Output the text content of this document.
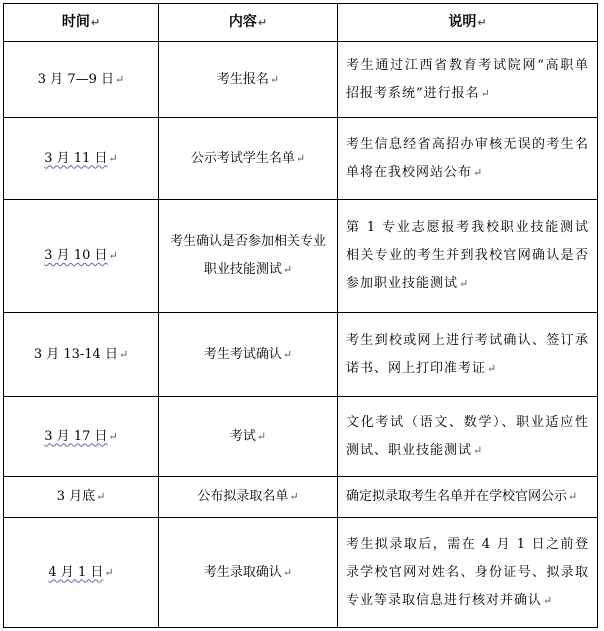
时间↵	内容↵	说明↵
3 月 7—9 日↵	考生报名↵	考生通过江西省教育考试院网“高职单招报考系统”进行报名↵
3 月 11 日↵	公示考试学生名单↵	考生信息经省高招办审核无误的考生名单将在我校网站公布↵
3 月 10 日↵	考生确认是否参加相关专业职业技能测试↵	第 1 专业志愿报考我校职业技能测试相关专业的考生并到我校官网确认是否参加职业技能测试↵
3 月 13-14 日↵	考生考试确认↵	考生到校或网上进行考试确认、签订承诺书、网上打印准考证↵
3 月 17 日↵	考试↵	文化考试（语文、数学）、职业适应性测试、职业技能测试↵
3 月底↵	公布拟录取名单↵	确定拟录取考生名单并在学校官网公示↵
4 月 1 日↵	考生录取确认↵	考生拟录取后，需在 4 月 1 日之前登录学校官网对姓名、身份证号、拟录取专业等录取信息进行核对并确认↵
